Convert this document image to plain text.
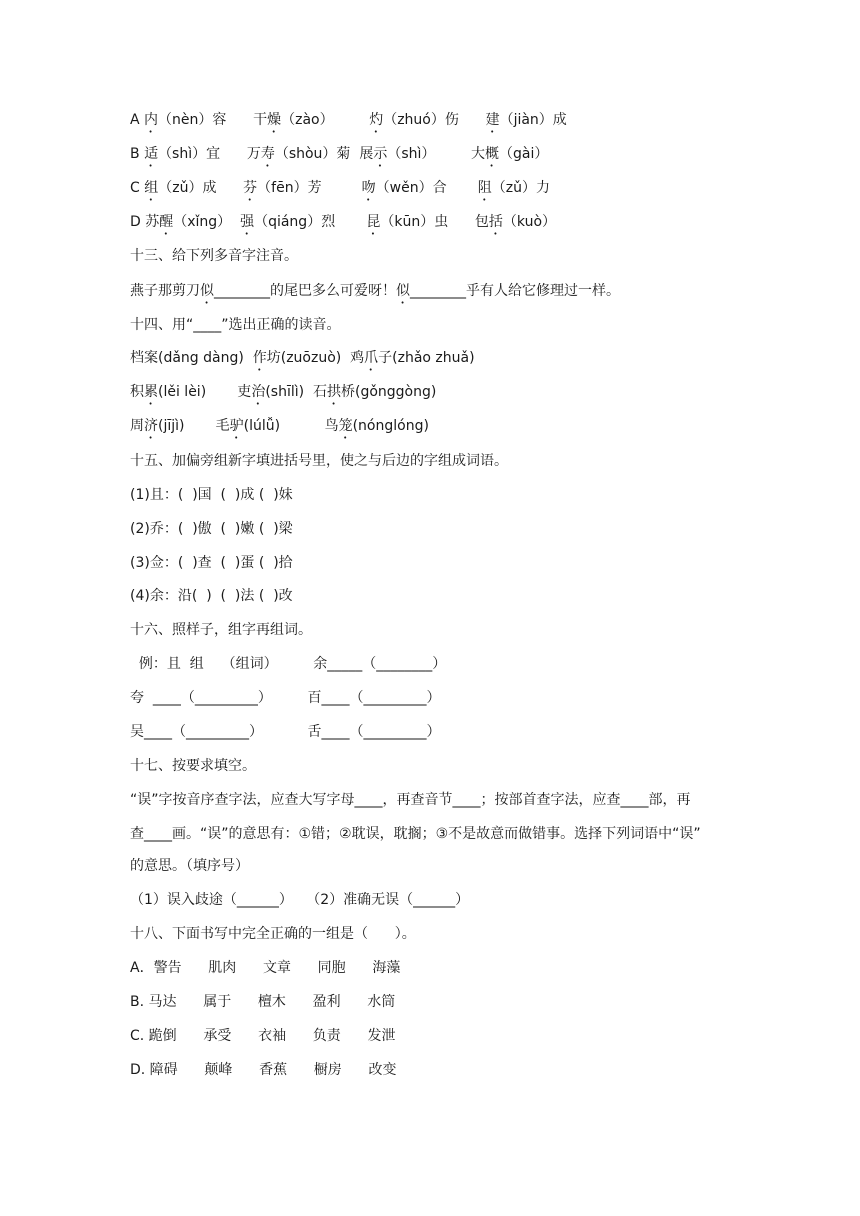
A 内（nèn）容      干燥（zào）        灼（zhuó）伤      建（jiàn）成
B 适（shì）宜      万寿（shòu）菊  展示（shì）        大概（gài）
C 组（zǔ）成      芬（fēn）芳         吻（wěn）合       阻（zǔ）力
D 苏醒（xǐng）  强（qiáng）烈       昆（kūn）虫      包括（kuò）
十三、给下列多音字注音。
燕子那剪刀似________的尾巴多么可爱呀！似________乎有人给它修理过一样。
十四、用“____”选出正确的读音。
档案(dǎng dàng)  作坊(zuōzuò)  鸡爪子(zhǎo zhuǎ)
积累(lěi lèi)       吏治(shīlì)  石拱桥(gǒnggòng)
周济(jījì)       毛驴(lúlǚ)          鸟笼(nónglóng)
十五、加偏旁组新字填进括号里，使之与后边的字组成词语。
(1)且：(  )国  (  )成 (  )妹
(2)乔：(  )傲  (  )嫩 (  )梁
(3)佥：(  )查  (  )蛋 (  )拾
(4)余：沿(  )  (  )法 (  )改
十六、照样子，组字再组词。
例：且  组    （组词）        余_____（________）
夸  ____（_________）        百____（_________）
吴____（_________）          舌____（_________）
十七、按要求填空。
“误”字按音序查字法，应查大写字母____，再查音节____；按部首查字法，应查____部，再
查____画。“误”的意思有：①错；②耽误，耽搁；③不是故意而做错事。选择下列词语中“误”
的意思。（填序号）
（1）误入歧途（______）   （2）准确无误（______）
十八、下面书写中完全正确的一组是（      ）。
A．警告      肌肉      文章      同胞      海藻
B. 马达      属于      檀木      盈利      水筒
C. 跪倒      承受      衣袖      负责      发泄
D. 障碍      颠峰      香蕉      橱房      改变
